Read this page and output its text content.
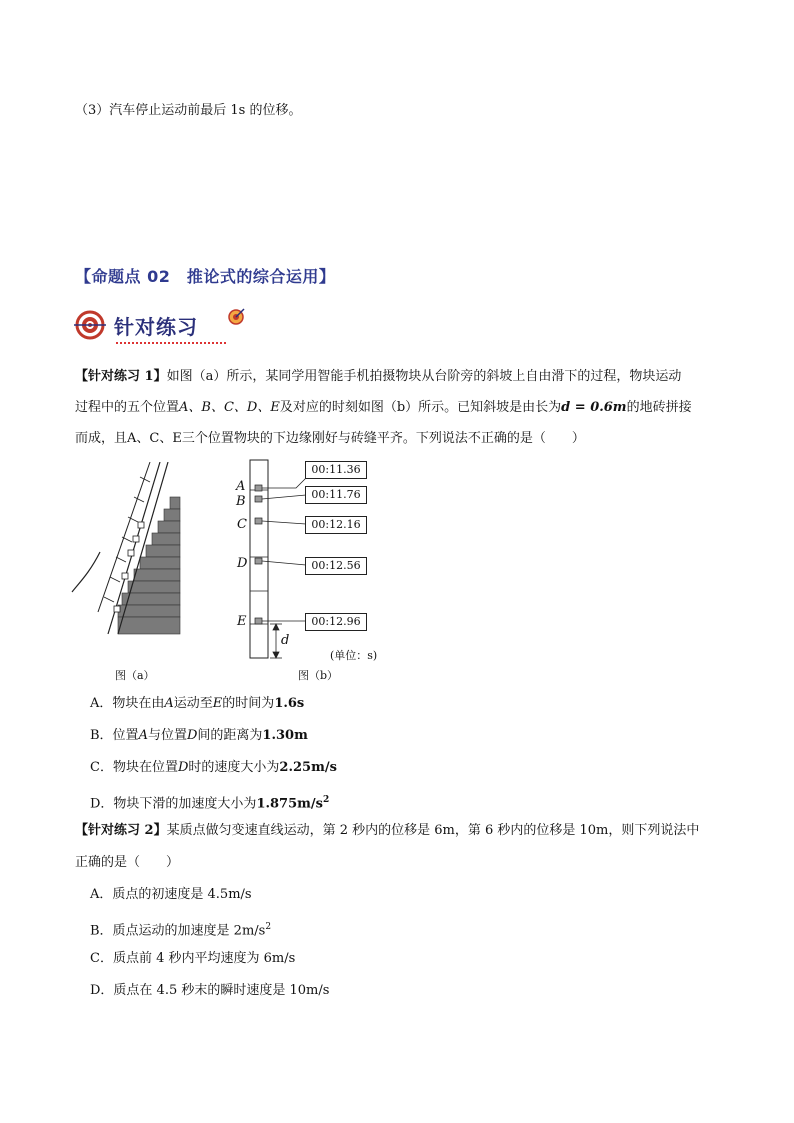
（3）汽车停止运动前最后 1s 的位移。
【命题点 02　推论式的综合运用】
针对练习
【针对练习 1】如图（a）所示，某同学用智能手机拍摄物块从台阶旁的斜坡上自由滑下的过程，物块运动
过程中的五个位置A、B、C、D、E及对应的时刻如图（b）所示。已知斜坡是由长为d = 0.6m的地砖拼接
而成，且A、C、E三个位置物块的下边缘刚好与砖缝平齐。下列说法不正确的是（　　）
图（a）
A
B
C
D
E
d
00:11.36
00:11.76
00:12.16
00:12.56
00:12.96
(单位：s)
图（b）
A．物块在由A运动至E的时间为1.6s
B．位置A与位置D间的距离为1.30m
C．物块在位置D时的速度大小为2.25m/s
D．物块下滑的加速度大小为$1.875m/s^2$
【针对练习 2】某质点做匀变速直线运动，第 2 秒内的位移是 6m，第 6 秒内的位移是 10m，则下列说法中
正确的是（　　）
A．质点的初速度是 4.5m/s
B．质点运动的加速度是 $2m/s^2$
C．质点前 4 秒内平均速度为 6m/s
D．质点在 4.5 秒末的瞬时速度是 10m/s
